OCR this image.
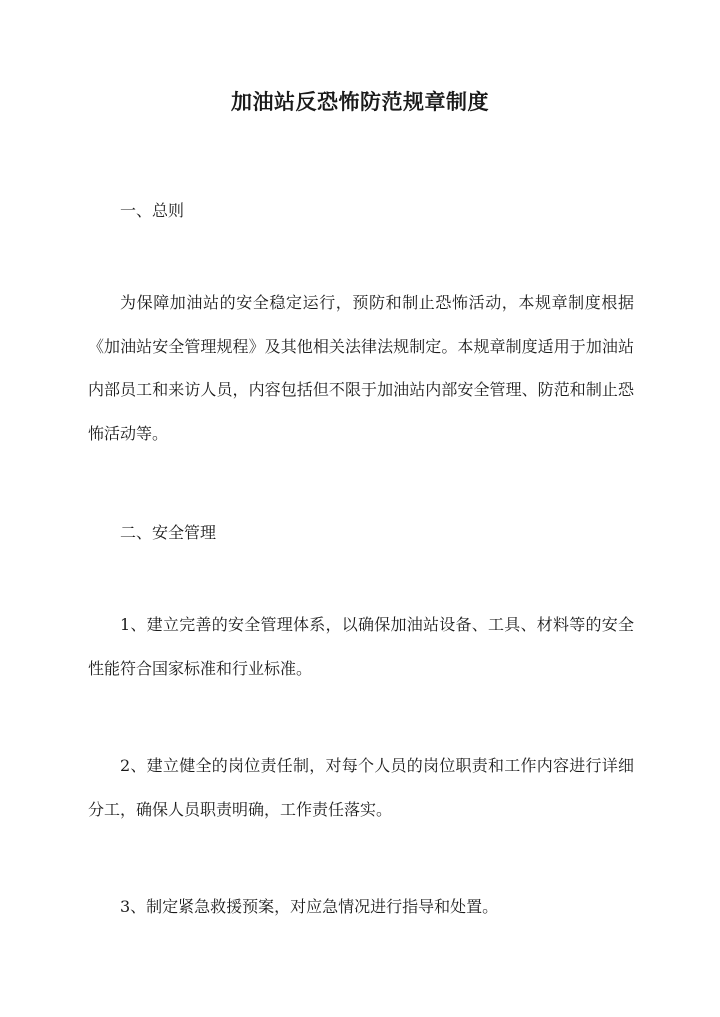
加油站反恐怖防范规章制度

一、总则

为保障加油站的安全稳定运行，预防和制止恐怖活动，本规章制度根据《加油站安全管理规程》及其他相关法律法规制定。本规章制度适用于加油站内部员工和来访人员，内容包括但不限于加油站内部安全管理、防范和制止恐怖活动等。

二、安全管理

1、建立完善的安全管理体系，以确保加油站设备、工具、材料等的安全性能符合国家标准和行业标准。

2、建立健全的岗位责任制，对每个人员的岗位职责和工作内容进行详细分工，确保人员职责明确，工作责任落实。

3、制定紧急救援预案，对应急情况进行指导和处置。
